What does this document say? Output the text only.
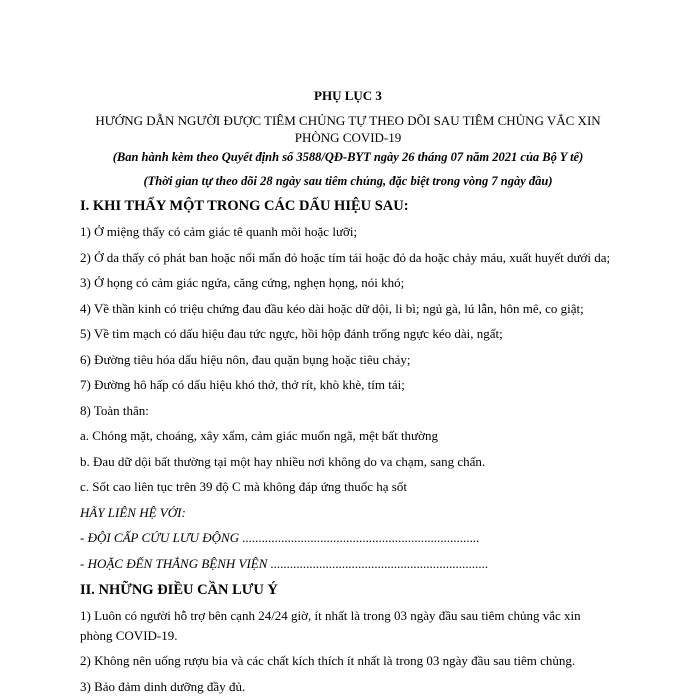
PHỤ LỤC 3
HƯỚNG DẪN NGƯỜI ĐƯỢC TIÊM CHỦNG TỰ THEO DÕI SAU TIÊM CHỦNG VẮC XIN PHÒNG COVID-19
(Ban hành kèm theo Quyết định số 3588/QĐ-BYT ngày 26 tháng 07 năm 2021 của Bộ Y tế)
(Thời gian tự theo dõi 28 ngày sau tiêm chủng, đặc biệt trong vòng 7 ngày đầu)
I. KHI THẤY MỘT TRONG CÁC DẤU HIỆU SAU:
1) Ở miệng thấy có cảm giác tê quanh môi hoặc lưỡi;
2) Ở da thấy có phát ban hoặc nổi mẩn đỏ hoặc tím tái hoặc đỏ da hoặc chảy máu, xuất huyết dưới da;
3) Ở họng có cảm giác ngứa, căng cứng, nghẹn họng, nói khó;
4) Về thần kinh có triệu chứng đau đầu kéo dài hoặc dữ dội, li bì; ngủ gà, lú lẫn, hôn mê, co giật;
5) Về tim mạch có dấu hiệu đau tức ngực, hồi hộp đánh trống ngực kéo dài, ngất;
6) Đường tiêu hóa dấu hiệu nôn, đau quặn bụng hoặc tiêu chảy;
7) Đường hô hấp có dấu hiệu khó thở, thở rít, khò khè, tím tái;
8) Toàn thân:
a. Chóng mặt, choáng, xây xẩm, cảm giác muốn ngã, mệt bất thường
b. Đau dữ dội bất thường tại một hay nhiều nơi không do va chạm, sang chấn.
c. Sốt cao liên tục trên 39 độ C mà không đáp ứng thuốc hạ sốt
HÃY LIÊN HỆ VỚI:
- ĐỘI CẤP CỨU LƯU ĐỘNG .........................................................................
- HOẶC ĐẾN THẲNG BỆNH VIỆN ...................................................................
II. NHỮNG ĐIỀU CẦN LƯU Ý
1) Luôn có người hỗ trợ bên cạnh 24/24 giờ, ít nhất là trong 03 ngày đầu sau tiêm chủng vắc xin phòng COVID-19.
2) Không nên uống rượu bia và các chất kích thích ít nhất là trong 03 ngày đầu sau tiêm chủng.
3) Bảo đảm dinh dưỡng đầy đủ.
